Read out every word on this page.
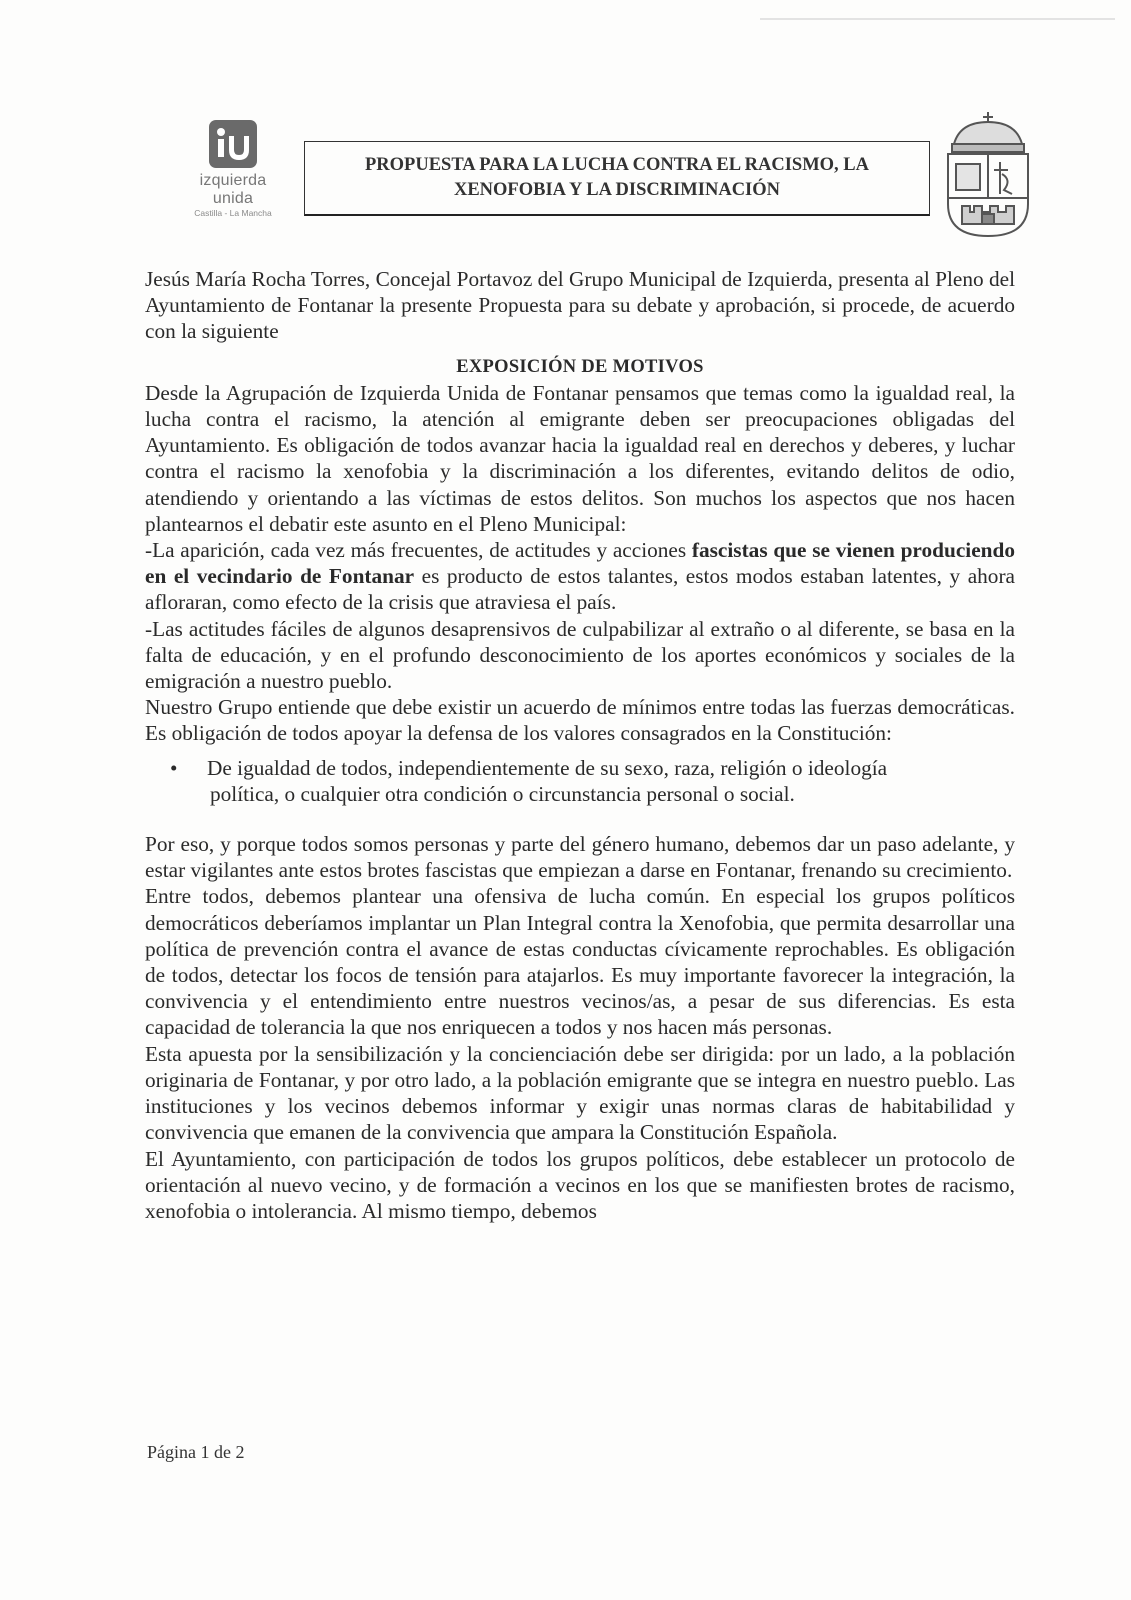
izquierda unida
Castilla - La Mancha
PROPUESTA PARA LA LUCHA CONTRA EL RACISMO, LA
XENOFOBIA Y LA DISCRIMINACIÓN

Jesús María Rocha Torres, Concejal Portavoz del Grupo Municipal de Izquierda, presenta al Pleno del Ayuntamiento de Fontanar la presente Propuesta para su debate y aprobación, si procede, de acuerdo con la siguiente

EXPOSICIÓN DE MOTIVOS

Desde la Agrupación de Izquierda Unida de Fontanar pensamos que temas como la igualdad real, la lucha contra el racismo, la atención al emigrante deben ser preocupaciones obligadas del Ayuntamiento. Es obligación de todos avanzar hacia la igualdad real en derechos y deberes, y luchar contra el racismo la xenofobia y la discriminación a los diferentes, evitando delitos de odio, atendiendo y orientando a las víctimas de estos delitos. Son muchos los aspectos que nos hacen plantearnos el debatir este asunto en el Pleno Municipal:

-La aparición, cada vez más frecuentes, de actitudes y acciones fascistas que se vienen produciendo en el vecindario de Fontanar es producto de estos talantes, estos modos estaban latentes, y ahora afloraran, como efecto de la crisis que atraviesa el país.

-Las actitudes fáciles de algunos desaprensivos de culpabilizar al extraño o al diferente, se basa en la falta de educación, y en el profundo desconocimiento de los aportes económicos y sociales de la emigración a nuestro pueblo.

Nuestro Grupo entiende que debe existir un acuerdo de mínimos entre todas las fuerzas democráticas. Es obligación de todos apoyar la defensa de los valores consagrados en la Constitución:

• De igualdad de todos, independientemente de su sexo, raza, religión o ideología
política, o cualquier otra condición o circunstancia personal o social.

Por eso, y porque todos somos personas y parte del género humano, debemos dar un paso adelante, y estar vigilantes ante estos brotes fascistas que empiezan a darse en Fontanar, frenando su crecimiento.

Entre todos, debemos plantear una ofensiva de lucha común. En especial los grupos políticos democráticos deberíamos implantar un Plan Integral contra la Xenofobia, que permita desarrollar una política de prevención contra el avance de estas conductas cívicamente reprochables. Es obligación de todos, detectar los focos de tensión para atajarlos. Es muy importante favorecer la integración, la convivencia y el entendimiento entre nuestros vecinos/as, a pesar de sus diferencias. Es esta capacidad de tolerancia la que nos enriquecen a todos y nos hacen más personas.

Esta apuesta por la sensibilización y la concienciación debe ser dirigida: por un lado, a la población originaria de Fontanar, y por otro lado, a la población emigrante que se integra en nuestro pueblo. Las instituciones y los vecinos debemos informar y exigir unas normas claras de habitabilidad y convivencia que emanen de la convivencia que ampara la Constitución Española.

El Ayuntamiento, con participación de todos los grupos políticos, debe establecer un protocolo de orientación al nuevo vecino, y de formación a vecinos en los que se manifiesten brotes de racismo, xenofobia o intolerancia. Al mismo tiempo, debemos

Página 1 de 2
